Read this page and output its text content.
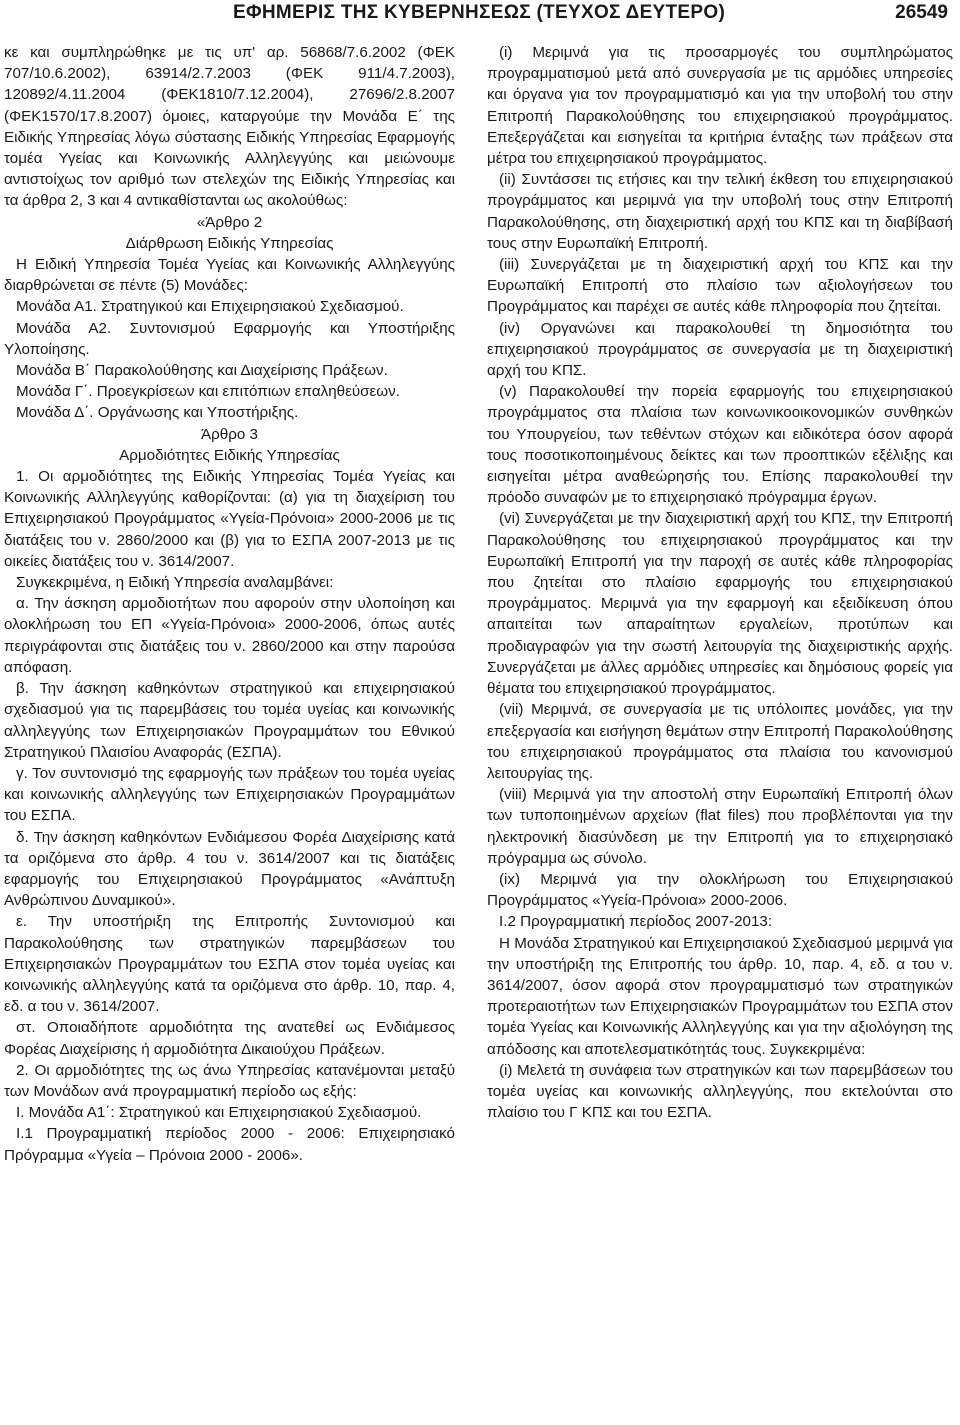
ΕΦΗΜΕΡΙΣ ΤΗΣ ΚΥΒΕΡΝΗΣΕΩΣ (ΤΕΥΧΟΣ ΔΕΥΤΕΡΟ)	26549

κε και συμπληρώθηκε με τις υπ' αρ. 56868/7.6.2002 (ΦΕΚ 707/10.6.2002), 63914/2.7.2003 (ΦΕΚ 911/4.7.2003), 120892/4.11.2004 (ΦΕΚ1810/7.12.2004), 27696/2.8.2007 (ΦΕΚ1570/17.8.2007) όμοιες, καταργούμε την Μονάδα Ε΄ της Ειδικής Υπηρεσίας λόγω σύστασης Ειδικής Υπηρεσίας Εφαρμογής τομέα Υγείας και Κοινωνικής Αλληλεγγύης και μειώνουμε αντιστοίχως τον αριθμό των στελεχών της Ειδικής Υπηρεσίας και τα άρθρα 2, 3 και 4 αντικαθίστανται ως ακολούθως:

«Άρθρο 2

Διάρθρωση Ειδικής Υπηρεσίας

Η Ειδική Υπηρεσία Τομέα Υγείας και Κοινωνικής Αλληλεγγύης διαρθρώνεται σε πέντε (5) Μονάδες:

Μονάδα Α1. Στρατηγικού και Επιχειρησιακού Σχεδιασμού.

Μονάδα Α2. Συντονισμού Εφαρμογής και Υποστήριξης Υλοποίησης.

Μονάδα Β΄ Παρακολούθησης και Διαχείρισης Πράξεων.

Μονάδα Γ΄. Προεγκρίσεων και επιτόπιων επαληθεύσεων.

Μονάδα Δ΄. Οργάνωσης και Υποστήριξης.

Άρθρο 3

Αρμοδιότητες Ειδικής Υπηρεσίας

1. Οι αρμοδιότητες της Ειδικής Υπηρεσίας Τομέα Υγείας και Κοινωνικής Αλληλεγγύης καθορίζονται: (α) για τη διαχείριση του Επιχειρησιακού Προγράμματος «Υγεία-Πρόνοια» 2000-2006 με τις διατάξεις του ν. 2860/2000 και (β) για το ΕΣΠΑ 2007-2013 με τις οικείες διατάξεις του ν. 3614/2007.

Συγκεκριμένα, η Ειδική Υπηρεσία αναλαμβάνει:

α. Την άσκηση αρμοδιοτήτων που αφορούν στην υλοποίηση και ολοκλήρωση του ΕΠ «Υγεία-Πρόνοια» 2000-2006, όπως αυτές περιγράφονται στις διατάξεις του ν. 2860/2000 και στην παρούσα απόφαση.

β. Την άσκηση καθηκόντων στρατηγικού και επιχειρησιακού σχεδιασμού για τις παρεμβάσεις του τομέα υγείας και κοινωνικής αλληλεγγύης των Επιχειρησιακών Προγραμμάτων του Εθνικού Στρατηγικού Πλαισίου Αναφοράς (ΕΣΠΑ).

γ. Τον συντονισμό της εφαρμογής των πράξεων του τομέα υγείας και κοινωνικής αλληλεγγύης των Επιχειρησιακών Προγραμμάτων του ΕΣΠΑ.

δ. Την άσκηση καθηκόντων Ενδιάμεσου Φορέα Διαχείρισης κατά τα οριζόμενα στο άρθρ. 4 του ν. 3614/2007 και τις διατάξεις εφαρμογής του Επιχειρησιακού Προγράμματος «Ανάπτυξη Ανθρώπινου Δυναμικού».

ε. Την υποστήριξη της Επιτροπής Συντονισμού και Παρακολούθησης των στρατηγικών παρεμβάσεων του Επιχειρησιακών Προγραμμάτων του ΕΣΠΑ στον τομέα υγείας και κοινωνικής αλληλεγγύης κατά τα οριζόμενα στο άρθρ. 10, παρ. 4, εδ. α του ν. 3614/2007.

στ. Οποιαδήποτε αρμοδιότητα της ανατεθεί ως Ενδιάμεσος Φορέας Διαχείρισης ή αρμοδιότητα Δικαιούχου Πράξεων.

2. Οι αρμοδιότητες της ως άνω Υπηρεσίας κατανέμονται μεταξύ των Μονάδων ανά προγραμματική περίοδο ως εξής:

Ι. Μονάδα Α1΄: Στρατηγικού και Επιχειρησιακού Σχεδιασμού.

Ι.1 Προγραμματική περίοδος 2000 - 2006: Επιχειρησιακό Πρόγραμμα «Υγεία – Πρόνοια 2000 - 2006».

(i) Μεριμνά για τις προσαρμογές του συμπληρώματος προγραμματισμού μετά από συνεργασία με τις αρμόδιες υπηρεσίες και όργανα για τον προγραμματισμό και για την υποβολή του στην Επιτροπή Παρακολούθησης του επιχειρησιακού προγράμματος. Επεξεργάζεται και εισηγείται τα κριτήρια ένταξης των πράξεων στα μέτρα του επιχειρησιακού προγράμματος.

(ii) Συντάσσει τις ετήσιες και την τελική έκθεση του επιχειρησιακού προγράμματος και μεριμνά για την υποβολή τους στην Επιτροπή Παρακολούθησης, στη διαχειριστική αρχή του ΚΠΣ και τη διαβίβασή τους στην Ευρωπαϊκή Επιτροπή.

(iii) Συνεργάζεται με τη διαχειριστική αρχή του ΚΠΣ και την Ευρωπαϊκή Επιτροπή στο πλαίσιο των αξιολογήσεων του Προγράμματος και παρέχει σε αυτές κάθε πληροφορία που ζητείται.

(iv) Οργανώνει και παρακολουθεί τη δημοσιότητα του επιχειρησιακού προγράμματος σε συνεργασία με τη διαχειριστική αρχή του ΚΠΣ.

(v) Παρακολουθεί την πορεία εφαρμογής του επιχειρησιακού προγράμματος στα πλαίσια των κοινωνικοοικονομικών συνθηκών του Υπουργείου, των τεθέντων στόχων και ειδικότερα όσον αφορά τους ποσοτικοποιημένους δείκτες και των προοπτικών εξέλιξης και εισηγείται μέτρα αναθεώρησής του. Επίσης παρακολουθεί την πρόοδο συναφών με το επιχειρησιακό πρόγραμμα έργων.

(vi) Συνεργάζεται με την διαχειριστική αρχή του ΚΠΣ, την Επιτροπή Παρακολούθησης του επιχειρησιακού προγράμματος και την Ευρωπαϊκή Επιτροπή για την παροχή σε αυτές κάθε πληροφορίας που ζητείται στο πλαίσιο εφαρμογής του επιχειρησιακού προγράμματος. Μεριμνά για την εφαρμογή και εξειδίκευση όπου απαιτείται των απαραίτητων εργαλείων, προτύπων και προδιαγραφών για την σωστή λειτουργία της διαχειριστικής αρχής. Συνεργάζεται με άλλες αρμόδιες υπηρεσίες και δημόσιους φορείς για θέματα του επιχειρησιακού προγράμματος.

(vii) Μεριμνά, σε συνεργασία με τις υπόλοιπες μονάδες, για την επεξεργασία και εισήγηση θεμάτων στην Επιτροπή Παρακολούθησης του επιχειρησιακού προγράμματος στα πλαίσια του κανονισμού λειτουργίας της.

(viii) Μεριμνά για την αποστολή στην Ευρωπαϊκή Επιτροπή όλων των τυποποιημένων αρχείων (flat files) που προβλέπονται για την ηλεκτρονική διασύνδεση με την Επιτροπή για το επιχειρησιακό πρόγραμμα ως σύνολο.

(ix) Μεριμνά για την ολοκλήρωση του Επιχειρησιακού Προγράμματος «Υγεία-Πρόνοια» 2000-2006.

Ι.2 Προγραμματική περίοδος 2007-2013:

Η Μονάδα Στρατηγικού και Επιχειρησιακού Σχεδιασμού μεριμνά για την υποστήριξη της Επιτροπής του άρθρ. 10, παρ. 4, εδ. α του ν. 3614/2007, όσον αφορά στον προγραμματισμό των στρατηγικών προτεραιοτήτων των Επιχειρησιακών Προγραμμάτων του ΕΣΠΑ στον τομέα Υγείας και Κοινωνικής Αλληλεγγύης και για την αξιολόγηση της απόδοσης και αποτελεσματικότητάς τους. Συγκεκριμένα:

(i) Μελετά τη συνάφεια των στρατηγικών και των παρεμβάσεων του τομέα υγείας και κοινωνικής αλληλεγγύης, που εκτελούνται στο πλαίσιο του Γ ΚΠΣ και του ΕΣΠΑ.
